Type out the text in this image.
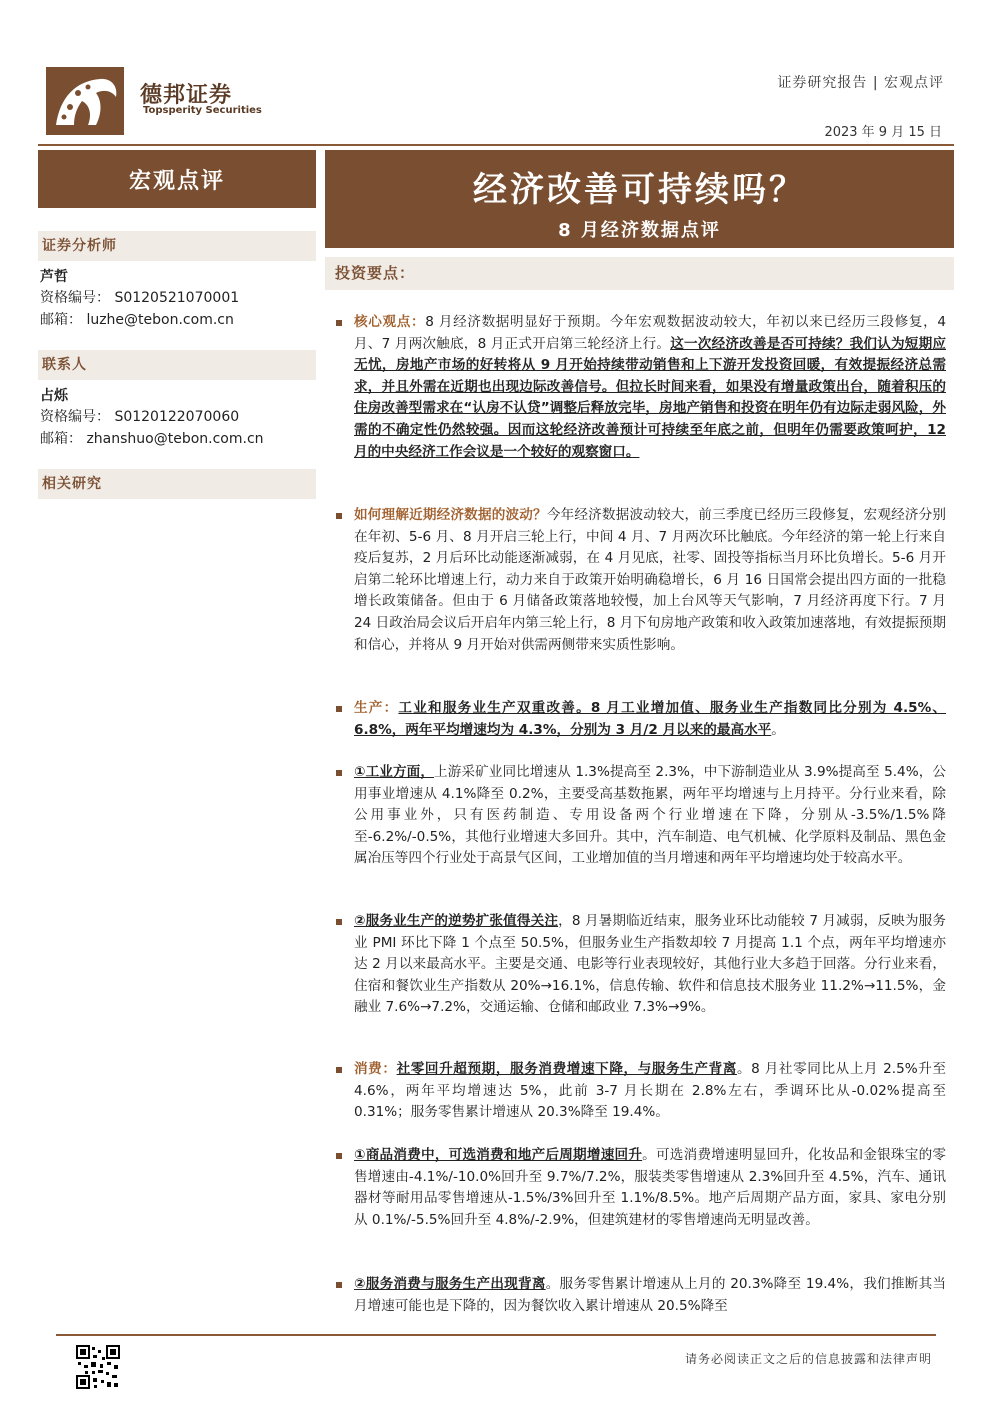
德邦证券
Topsperity Securities
证券研究报告 | 宏观点评
2023 年 9 月 15 日
宏观点评	经济改善可持续吗？
8 月经济数据点评
证券分析师
芦哲
资格编号： S0120521070001
邮箱： luzhe@tebon.com.cn
联系人
占烁
资格编号： S0120122070060
邮箱： zhanshuo@tebon.com.cn
相关研究
投资要点：
核心观点：8 月经济数据明显好于预期。今年宏观数据波动较大，年初以来已经历三段修复，4 月、7 月两次触底，8 月正式开启第三轮经济上行。这一次经济改善是否可持续？我们认为短期应无忧，房地产市场的好转将从 9 月开始持续带动销售和上下游开发投资回暖，有效提振经济总需求，并且外需在近期也出现边际改善信号。但拉长时间来看，如果没有增量政策出台，随着积压的住房改善型需求在“认房不认贷”调整后释放完毕，房地产销售和投资在明年仍有边际走弱风险，外需的不确定性仍然较强。因而这轮经济改善预计可持续至年底之前，但明年仍需要政策呵护，12 月的中央经济工作会议是一个较好的观察窗口。
如何理解近期经济数据的波动？今年经济数据波动较大，前三季度已经历三段修复，宏观经济分别在年初、5-6 月、8 月开启三轮上行，中间 4 月、7 月两次环比触底。今年经济的第一轮上行来自疫后复苏，2 月后环比动能逐渐减弱，在 4 月见底，社零、固投等指标当月环比负增长。5-6 月开启第二轮环比增速上行，动力来自于政策开始明确稳增长，6 月 16 日国常会提出四方面的一批稳增长政策储备。但由于 6 月储备政策落地较慢，加上台风等天气影响，7 月经济再度下行。7 月 24 日政治局会议后开启年内第三轮上行，8 月下旬房地产政策和收入政策加速落地，有效提振预期和信心，并将从 9 月开始对供需两侧带来实质性影响。
生产：工业和服务业生产双重改善。8 月工业增加值、服务业生产指数同比分别为 4.5%、6.8%，两年平均增速均为 4.3%，分别为 3 月/2 月以来的最高水平。
①工业方面，上游采矿业同比增速从 1.3%提高至 2.3%，中下游制造业从 3.9%提高至 5.4%，公用事业增速从 4.1%降至 0.2%，主要受高基数拖累，两年平均增速与上月持平。分行业来看，除公用事业外，只有医药制造、专用设备两个行业增速在下降，分别从-3.5%/1.5%降至-6.2%/-0.5%，其他行业增速大多回升。其中，汽车制造、电气机械、化学原料及制品、黑色金属冶压等四个行业处于高景气区间，工业增加值的当月增速和两年平均增速均处于较高水平。
②服务业生产的逆势扩张值得关注，8 月暑期临近结束，服务业环比动能较 7 月减弱，反映为服务业 PMI 环比下降 1 个点至 50.5%，但服务业生产指数却较 7 月提高 1.1 个点，两年平均增速亦达 2 月以来最高水平。主要是交通、电影等行业表现较好，其他行业大多趋于回落。分行业来看，住宿和餐饮业生产指数从 20%→16.1%，信息传输、软件和信息技术服务业 11.2%→11.5%，金融业 7.6%→7.2%，交通运输、仓储和邮政业 7.3%→9%。
消费：社零回升超预期，服务消费增速下降，与服务生产背离。8 月社零同比从上月 2.5%升至 4.6%，两年平均增速达 5%，此前 3-7 月长期在 2.8%左右，季调环比从-0.02%提高至 0.31%；服务零售累计增速从 20.3%降至 19.4%。
①商品消费中，可选消费和地产后周期增速回升。可选消费增速明显回升，化妆品和金银珠宝的零售增速由-4.1%/-10.0%回升至 9.7%/7.2%，服装类零售增速从 2.3%回升至 4.5%，汽车、通讯器材等耐用品零售增速从-1.5%/3%回升至 1.1%/8.5%。地产后周期产品方面，家具、家电分别从 0.1%/-5.5%回升至 4.8%/-2.9%，但建筑建材的零售增速尚无明显改善。
②服务消费与服务生产出现背离。服务零售累计增速从上月的 20.3%降至 19.4%，我们推断其当月增速可能也是下降的，因为餐饮收入累计增速从 20.5%降至
请务必阅读正文之后的信息披露和法律声明
